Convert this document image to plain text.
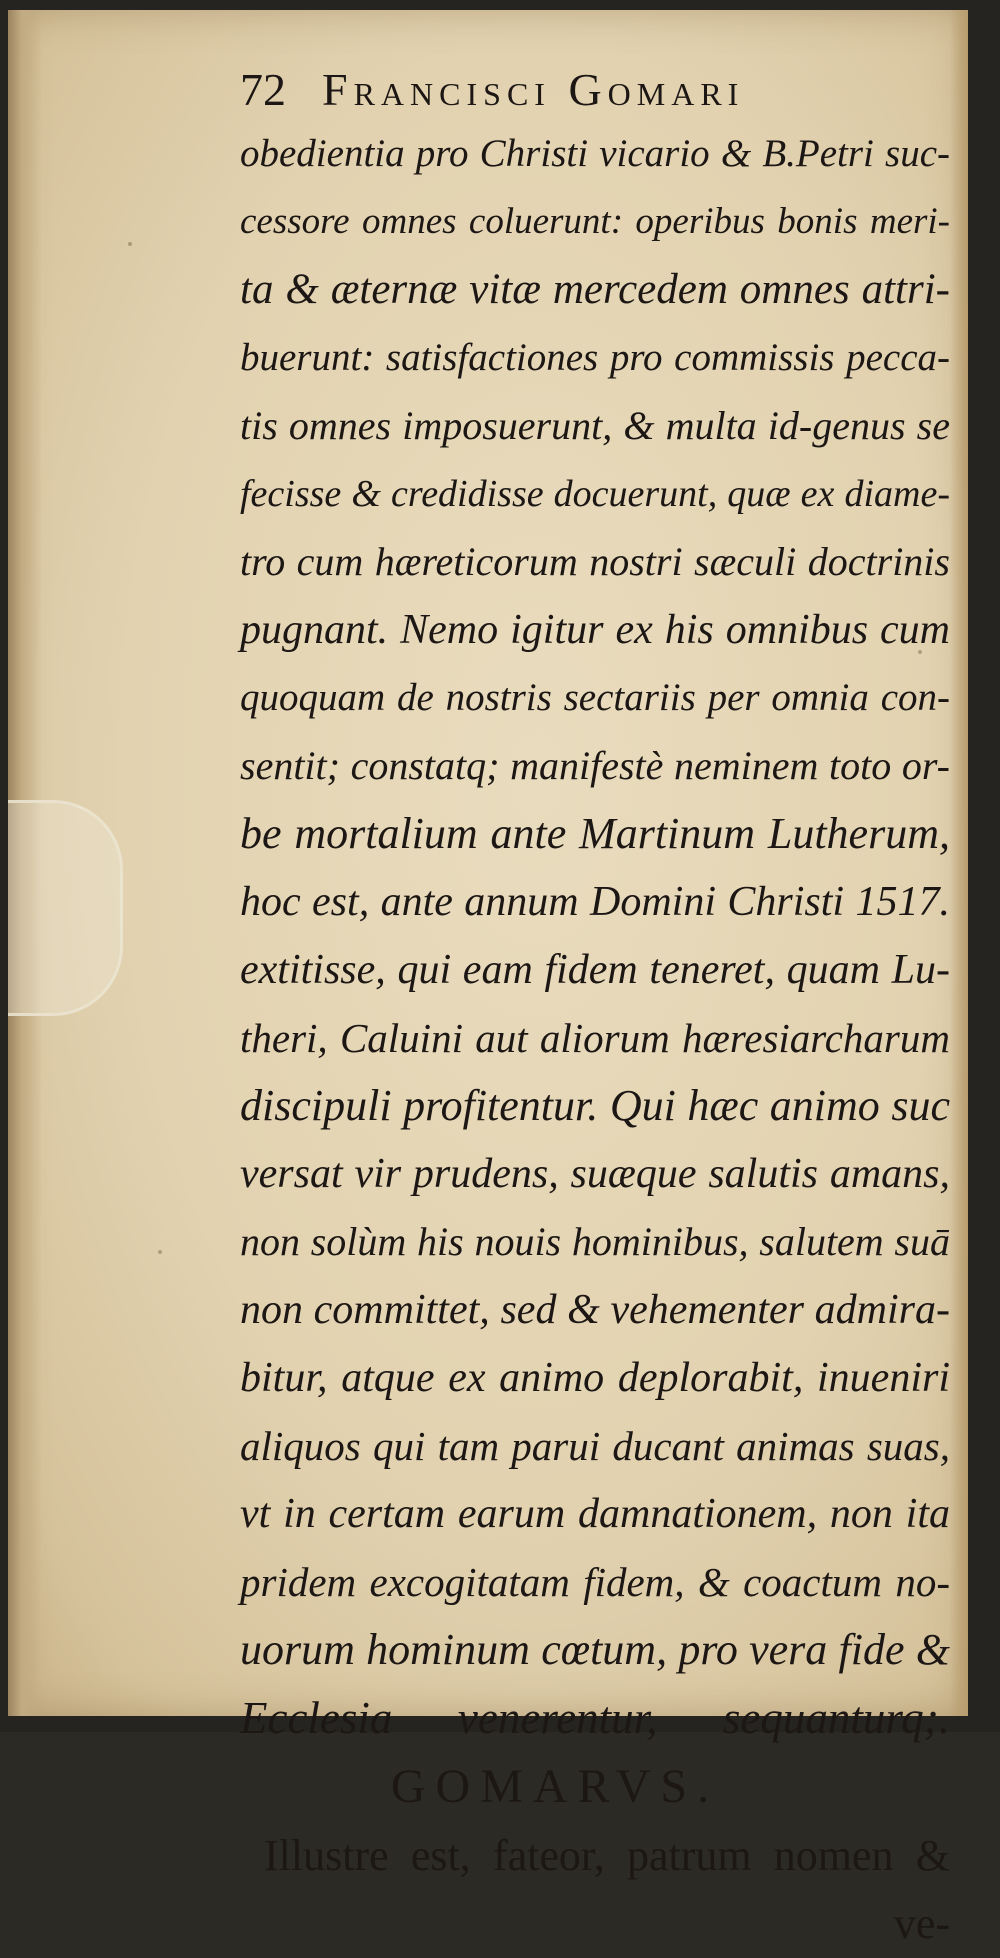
72 Francisci Gomari
obedientia pro Christi vicario & B.Petri suc-
cessore omnes coluerunt: operibus bonis meri-
ta & æternæ vitæ mercedem omnes attri-
buerunt: satisfactiones pro commissis pecca-
tis omnes imposuerunt, & multa id-genus se
fecisse & credidisse docuerunt, quæ ex diame-
tro cum hæreticorum nostri sæculi doctrinis
pugnant. Nemo igitur ex his omnibus cum
quoquam de nostris sectariis per omnia con-
sentit; constatq; manifestè neminem toto or-
be mortalium ante Martinum Lutherum,
hoc est, ante annum Domini Christi 1517.
extitisse, qui eam fidem teneret, quam Lu-
theri, Caluini aut aliorum hæresiarcharum
discipuli profitentur. Qui hæc animo suc
versat vir prudens, suæque salutis amans,
non solùm his nouis hominibus, salutem suā
non committet, sed & vehementer admira-
bitur, atque ex animo deplorabit, inueniri
aliquos qui tam parui ducant animas suas,
vt in certam earum damnationem, non ita
pridem excogitatam fidem, & coactum no-
uorum hominum cœtum, pro vera fide &
Ecclesia venerentur, sequanturq;.
GOMARVS.
Illustre est, fateor, patrum nomen &
ve-
